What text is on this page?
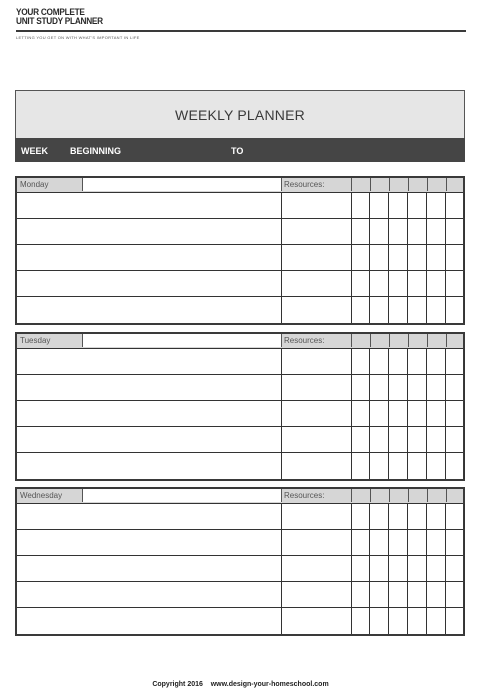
YOUR COMPLETE
UNIT STUDY PLANNER
LETTING YOU GET ON WITH WHAT'S IMPORTANT IN LIFE
WEEKLY PLANNER
WEEK BEGINNING	TO
Monday	Resources:
Tuesday	Resources:
Wednesday	Resources:
Copyright 2016 www.design-your-homeschool.com
